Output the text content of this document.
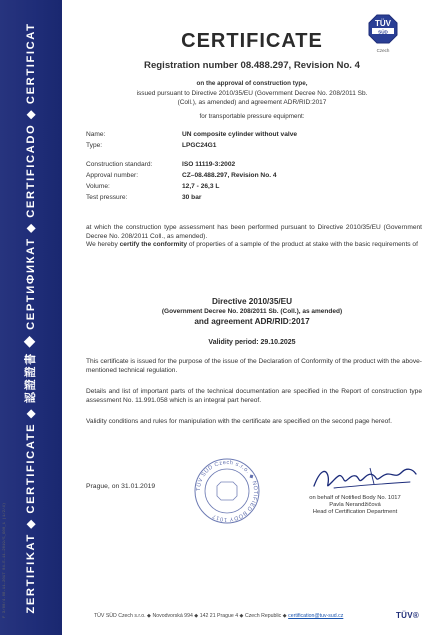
ZERTIFIKAT ◆ CERTIFICATE ◆ 認證證書 ◆ СЕРТИФИКАТ ◆ CERTIFICADO ◆ CERTIFICAT
F 3/00/4.08-11-2017 04-E-11-2019/5_G00_1 (1/2/4)
CERTIFICATE
TÜV
SÜD
Czech
Registration number 08.488.297, Revision No. 4
on the approval of construction type,
issued pursuant to Directive 2010/35/EU (Government Decree No. 208/2011 Sb.
(Coll.), as amended) and agreement ADR/RID:2017
for transportable pressure equipment:
Name:	UN composite cylinder without valve
Type:	LPGC24G1
Construction standard:	ISO 11119-3:2002
Approval number:	CZ–08.488.297, Revision No. 4
Volume:	12,7 - 26,3 L
Test pressure:	30 bar
at which the construction type assessment has been performed pursuant to Directive 2010/35/EU (Government Decree No. 208/2011 Coll., as amended).
We hereby certify the conformity of properties of a sample of the product at stake with the basic requirements of
Directive 2010/35/EU
(Government Decree No. 208/2011 Sb. (Coll.), as amended)
and agreement ADR/RID:2017
Validity period: 29.10.2025
This certificate is issued for the purpose of the issue of the Declaration of Conformity of the product with the above-mentioned technical regulation.
Details and list of important parts of the technical documentation are specified in the Report of construction type assessment No. 11.991.058 which is an integral part hereof.
Validity conditions and rules for manipulation with the certificate are specified on the second page hereof.
Prague, on 31.01.2019	TÜV SÜD Czech s.r.o. ◆ NOTIFIED BODY 1017
on behalf of Notified Body No. 1017
Pavla Nerandžičová
Head of Certification Department
TÜV SÜD Czech s.r.o. ◆ Novodvorská 994 ◆ 142 21 Prague 4 ◆ Czech Republic ◆ certification@tuv-sud.cz	TÜV®
